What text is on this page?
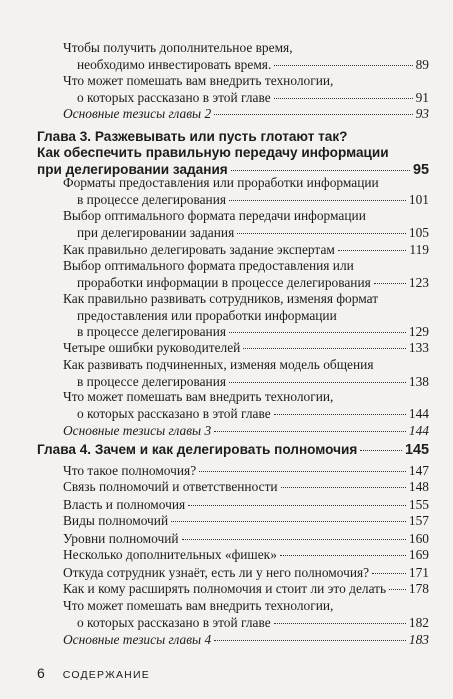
Чтобы получить дополнительное время,
необходимо инвестировать время.	89
Что может помешать вам внедрить технологии,
о которых рассказано в этой главе	91
Основные тезисы главы 2	93
Глава 3. Разжевывать или пусть глотают так?
Как обеспечить правильную передачу информации
при делегировании задания	95
Форматы предоставления или проработки информации
в процессе делегирования	101
Выбор оптимального формата передачи информации
при делегировании задания	105
Как правильно делегировать задание экспертам	119
Выбор оптимального формата предоставления или
проработки информации в процессе делегирования	123
Как правильно развивать сотрудников, изменяя формат
предоставления или проработки информации
в процессе делегирования	129
Четыре ошибки руководителей	133
Как развивать подчиненных, изменяя модель общения
в процессе делегирования	138
Что может помешать вам внедрить технологии,
о которых рассказано в этой главе	144
Основные тезисы главы 3	144
Глава 4. Зачем и как делегировать полномочия	145
Что такое полномочия?	147
Связь полномочий и ответственности	148
Власть и полномочия	155
Виды полномочий	157
Уровни полномочий	160
Несколько дополнительных «фишек»	169
Откуда сотрудник узнаёт, есть ли у него полномочия?	171
Как и кому расширять полномочия и стоит ли это делать 178
Что может помешать вам внедрить технологии,
о которых рассказано в этой главе	182
Основные тезисы главы 4	183
6 СОДЕРЖАНИЕ
